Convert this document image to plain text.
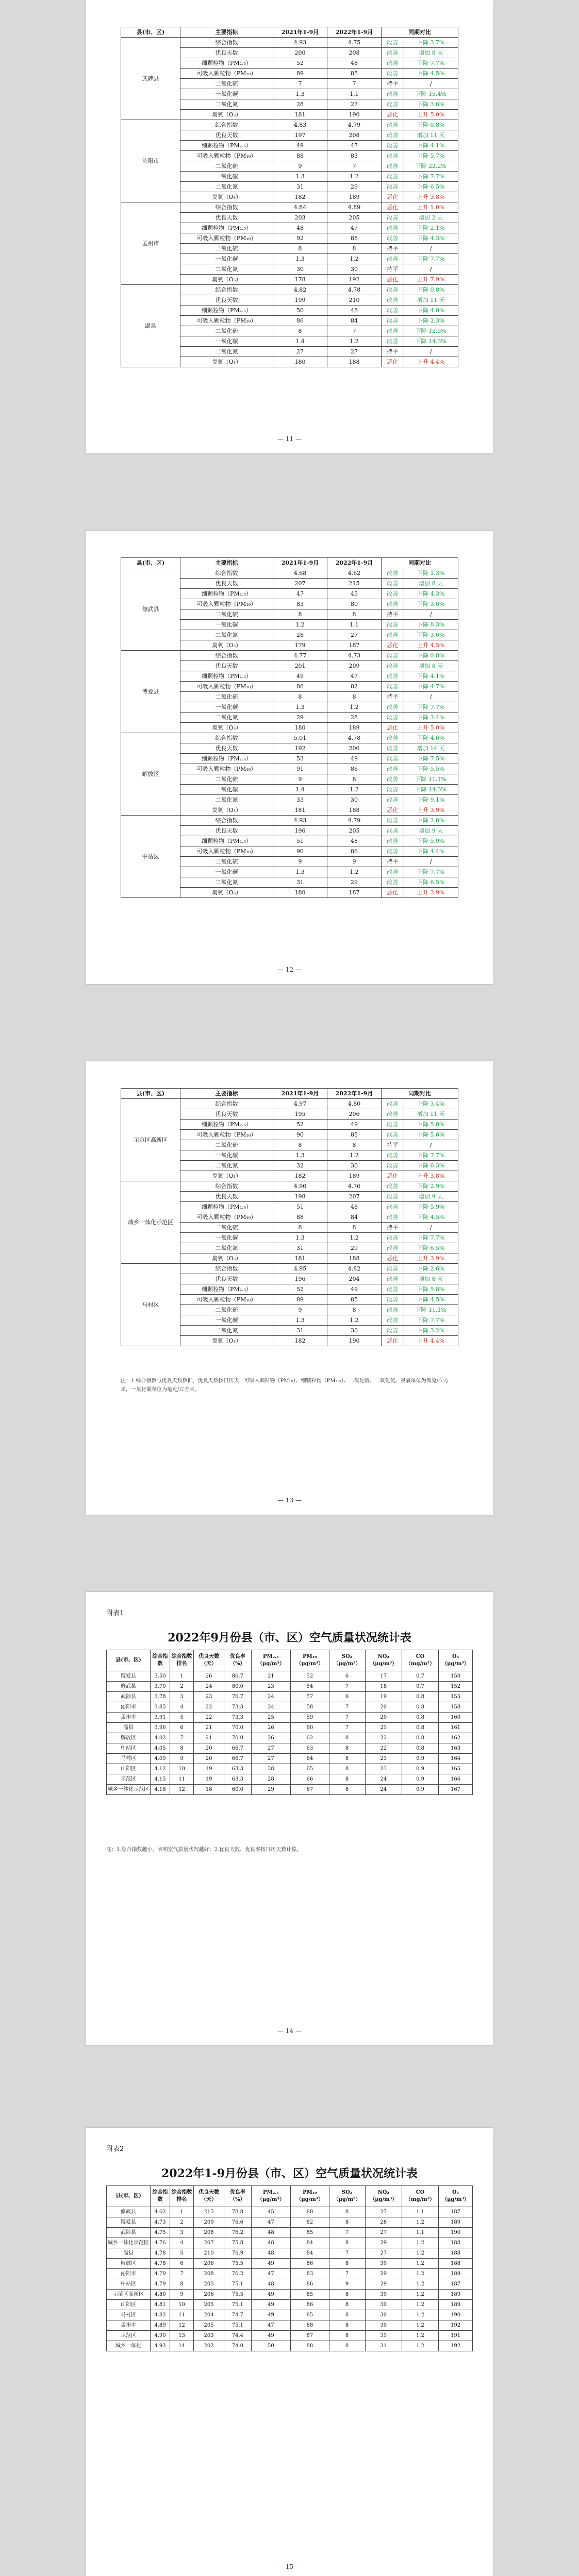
县(市、区)	主要指标	2021年1-9月	2022年1-9月	同期对比	
武陟县	综合指数	4.93	4.75	改善	下降 3.7%
	优良天数	200	208	改善	增加 8 天
	细颗粒物（PM₂.₅）	52	48	改善	下降 7.7%
	可吸入颗粒物（PM₁₀）	89	85	改善	下降 4.5%
	二氧化硫	7	7	持平	/
	一氧化碳	1.3	1.1	改善	下降 15.4%
	二氧化氮	28	27	改善	下降 3.6%
	臭氧（O₃）	181	190	恶化	上升 5.0%
沁阳市	综合指数	4.83	4.79	改善	下降 0.8%
	优良天数	197	208	改善	增加 11 天
	细颗粒物（PM₂.₅）	49	47	改善	下降 4.1%
	可吸入颗粒物（PM₁₀）	88	83	改善	下降 5.7%
	二氧化硫	9	7	改善	下降 22.2%
	一氧化碳	1.3	1.2	改善	下降 7.7%
	二氧化氮	31	29	改善	下降 6.5%
	臭氧（O₃）	182	189	恶化	上升 3.8%
孟州市	综合指数	4.84	4.89	恶化	上升 1.0%
	优良天数	203	205	改善	增加 2 天
	细颗粒物（PM₂.₅）	48	47	改善	下降 2.1%
	可吸入颗粒物（PM₁₀）	92	88	改善	下降 4.3%
	二氧化硫	8	8	持平	/
	一氧化碳	1.3	1.2	改善	下降 7.7%
	二氧化氮	30	30	持平	/
	臭氧（O₃）	178	192	恶化	上升 7.9%
温县	综合指数	4.82	4.78	改善	下降 0.8%
	优良天数	199	210	改善	增加 11 天
	细颗粒物（PM₂.₅）	50	48	改善	下降 4.0%
	可吸入颗粒物（PM₁₀）	86	84	改善	下降 2.3%
	二氧化硫	8	7	改善	下降 12.5%
	一氧化碳	1.4	1.2	改善	下降 14.3%
	二氧化氮	27	27	持平	/
	臭氧（O₃）	180	188	恶化	上升 4.4%
— 11 —
县(市、区)	主要指标	2021年1-9月	2022年1-9月	同期对比	
修武县	综合指数	4.68	4.62	改善	下降 1.3%
	优良天数	207	215	改善	增加 8 天
	细颗粒物（PM₂.₅）	47	45	改善	下降 4.3%
	可吸入颗粒物（PM₁₀）	83	80	改善	下降 3.6%
	二氧化硫	8	8	持平	/
	一氧化碳	1.2	1.1	改善	下降 8.3%
	二氧化氮	28	27	改善	下降 3.6%
	臭氧（O₃）	179	187	恶化	上升 4.5%
博爱县	综合指数	4.77	4.73	改善	下降 0.8%
	优良天数	201	209	改善	增加 8 天
	细颗粒物（PM₂.₅）	49	47	改善	下降 4.1%
	可吸入颗粒物（PM₁₀）	86	82	改善	下降 4.7%
	二氧化硫	8	8	持平	/
	一氧化碳	1.3	1.2	改善	下降 7.7%
	二氧化氮	29	28	改善	下降 3.4%
	臭氧（O₃）	180	189	恶化	上升 5.0%
解放区	综合指数	5.01	4.78	改善	下降 4.6%
	优良天数	192	206	改善	增加 14 天
	细颗粒物（PM₂.₅）	53	49	改善	下降 7.5%
	可吸入颗粒物（PM₁₀）	91	86	改善	下降 5.5%
	二氧化硫	9	8	改善	下降 11.1%
	一氧化碳	1.4	1.2	改善	下降 14.3%
	二氧化氮	33	30	改善	下降 9.1%
	臭氧（O₃）	181	188	恶化	上升 3.9%
中站区	综合指数	4.93	4.79	改善	下降 2.8%
	优良天数	196	205	改善	增加 9 天
	细颗粒物（PM₂.₅）	51	48	改善	下降 5.9%
	可吸入颗粒物（PM₁₀）	90	86	改善	下降 4.4%
	二氧化硫	9	9	持平	/
	一氧化碳	1.3	1.2	改善	下降 7.7%
	二氧化氮	31	29	改善	下降 6.5%
	臭氧（O₃）	180	187	恶化	上升 3.9%
— 12 —
县(市、区)	主要指标	2021年1-9月	2022年1-9月	同期对比	
示范区高新区	综合指数	4.97	4.80	改善	下降 3.4%
	优良天数	195	206	改善	增加 11 天
	细颗粒物（PM₂.₅）	52	49	改善	下降 5.8%
	可吸入颗粒物（PM₁₀）	90	85	改善	下降 5.6%
	二氧化硫	8	8	持平	/
	一氧化碳	1.3	1.2	改善	下降 7.7%
	二氧化氮	32	30	改善	下降 6.3%
	臭氧（O₃）	182	189	恶化	上升 3.8%
城乡一体化示范区	综合指数	4.90	4.76	改善	下降 2.9%
	优良天数	198	207	改善	增加 9 天
	细颗粒物（PM₂.₅）	51	48	改善	下降 5.9%
	可吸入颗粒物（PM₁₀）	88	84	改善	下降 4.5%
	二氧化硫	8	8	持平	/
	一氧化碳	1.3	1.2	改善	下降 7.7%
	二氧化氮	31	29	改善	下降 6.5%
	臭氧（O₃）	181	188	恶化	上升 3.9%
马村区	综合指数	4.95	4.82	改善	下降 2.6%
	优良天数	196	204	改善	增加 8 天
	细颗粒物（PM₂.₅）	52	49	改善	下降 5.8%
	可吸入颗粒物（PM₁₀）	89	85	改善	下降 4.5%
	二氧化硫	9	8	改善	下降 11.1%
	一氧化碳	1.3	1.2	改善	下降 7.7%
	二氧化氮	31	30	改善	下降 3.2%
	臭氧（O₃）	182	190	恶化	上升 4.4%
注：1.综合指数与优良天数数据，优良天数按日历天，可吸入颗粒物（PM₁₀）、细颗粒物（PM₂.₅）、二氧化硫、二氧化氮、臭氧单位为微克/立方米，一氧化碳单位为毫克/立方米。
— 13 —
附表1
2022年9月份县（市、区）空气质量状况统计表
县(市、区)	综合指数	综合指数排名	优良天数（天）	优良率（%）	PM₂.₅（μg/m³）	PM₁₀（μg/m³）	SO₂（μg/m³）	NO₂（μg/m³）	CO（mg/m³）	O₃（μg/m³）
博爱县	3.50	1	26	86.7	21	52	6	17	0.7	150
修武县	3.70	2	24	80.0	23	54	7	18	0.7	152
武陟县	3.78	3	23	76.7	24	57	6	19	0.8	155
沁阳市	3.85	4	22	73.3	24	58	7	20	0.8	158
孟州市	3.91	5	22	73.3	25	59	7	20	0.8	160
温县	3.96	6	21	70.0	26	60	7	21	0.8	161
解放区	4.02	7	21	70.0	26	62	8	22	0.8	162
中站区	4.05	8	20	66.7	27	63	8	22	0.8	163
马村区	4.09	9	20	66.7	27	64	8	23	0.9	164
山阳区	4.12	10	19	63.3	28	65	8	23	0.9	165
示范区	4.15	11	19	63.3	28	66	8	24	0.9	166
城乡一体化示范区	4.18	12	18	60.0	29	67	8	24	0.9	167
注：1.综合指数越小，表明空气质量状况越好；2.优良天数、优良率按日历天数计算。
— 14 —
附表2
2022年1-9月份县（市、区）空气质量状况统计表
县(市、区)	综合指数	综合指数排名	优良天数（天）	优良率（%）	PM₂.₅（μg/m³）	PM₁₀（μg/m³）	SO₂（μg/m³）	NO₂（μg/m³）	CO（mg/m³）	O₃（μg/m³）
修武县	4.62	1	215	78.8	45	80	8	27	1.1	187
博爱县	4.73	2	209	76.6	47	82	8	28	1.2	189
武陟县	4.75	3	208	76.2	48	85	7	27	1.1	190
城乡一体化示范区	4.76	4	207	75.8	48	84	8	29	1.2	188
温县	4.78	5	210	76.9	48	84	7	27	1.2	188
解放区	4.78	6	206	75.5	49	86	8	30	1.2	188
沁阳市	4.79	7	208	76.2	47	83	7	29	1.2	189
中站区	4.79	8	205	75.1	48	86	9	29	1.2	187
示范区高新区	4.80	9	206	75.5	49	85	8	30	1.2	189
山阳区	4.81	10	205	75.1	49	86	8	30	1.2	189
马村区	4.82	11	204	74.7	49	85	8	30	1.2	190
孟州市	4.89	12	205	75.1	47	88	8	30	1.2	192
示范区	4.90	13	203	74.4	49	87	8	31	1.2	191
城乡一体化	4.93	14	202	74.0	50	88	8	31	1.2	192
— 15 —
